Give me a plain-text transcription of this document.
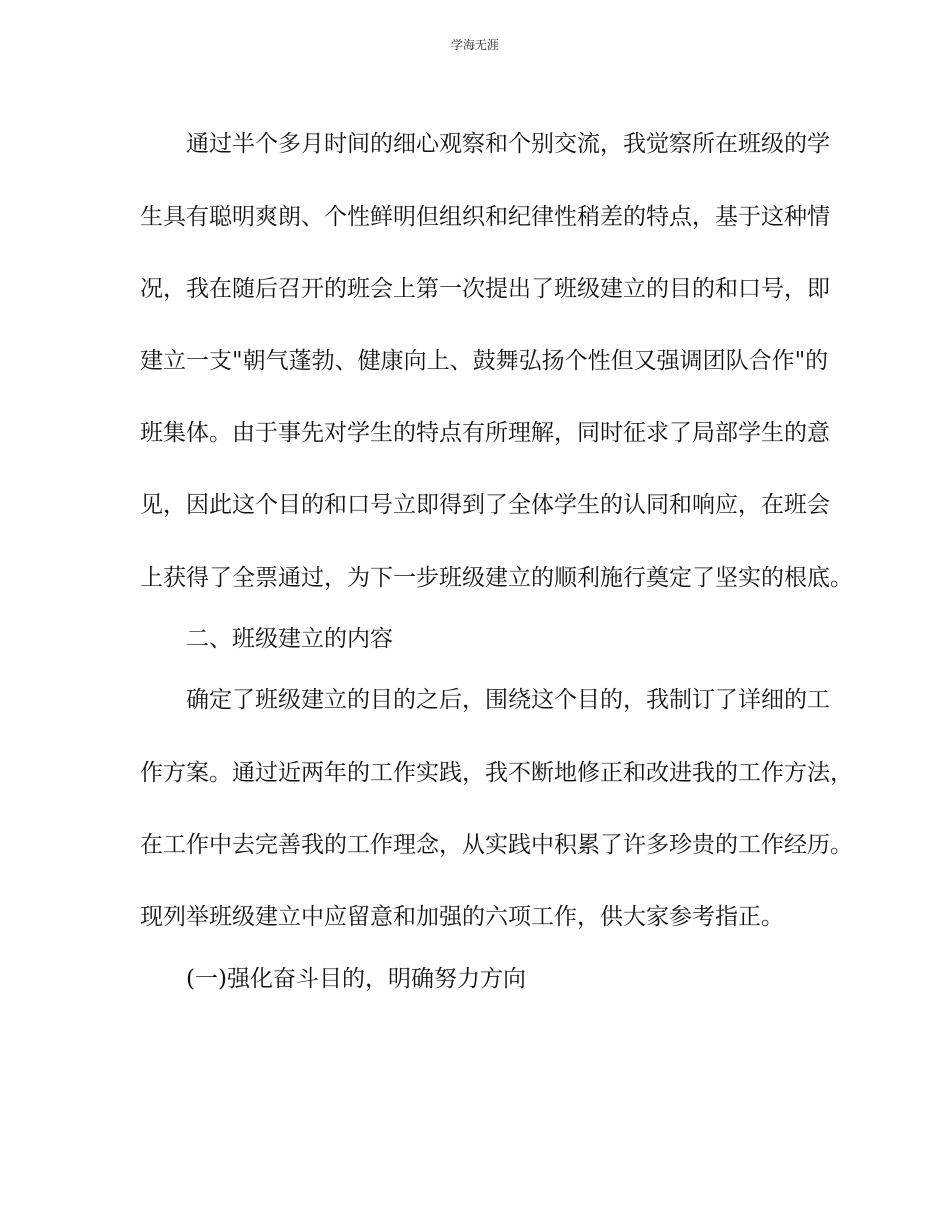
学海无涯
通过半个多月时间的细心观察和个别交流，我觉察所在班级的学
生具有聪明爽朗、个性鲜明但组织和纪律性稍差的特点，基于这种情
况，我在随后召开的班会上第一次提出了班级建立的目的和口号，即
建立一支"朝气蓬勃、健康向上、鼓舞弘扬个性但又强调团队合作"的
班集体。由于事先对学生的特点有所理解，同时征求了局部学生的意
见，因此这个目的和口号立即得到了全体学生的认同和响应，在班会
上获得了全票通过，为下一步班级建立的顺利施行奠定了坚实的根底。
二、班级建立的内容
确定了班级建立的目的之后，围绕这个目的，我制订了详细的工
作方案。通过近两年的工作实践，我不断地修正和改进我的工作方法，
在工作中去完善我的工作理念，从实践中积累了许多珍贵的工作经历。
现列举班级建立中应留意和加强的六项工作，供大家参考指正。
(一)强化奋斗目的，明确努力方向
